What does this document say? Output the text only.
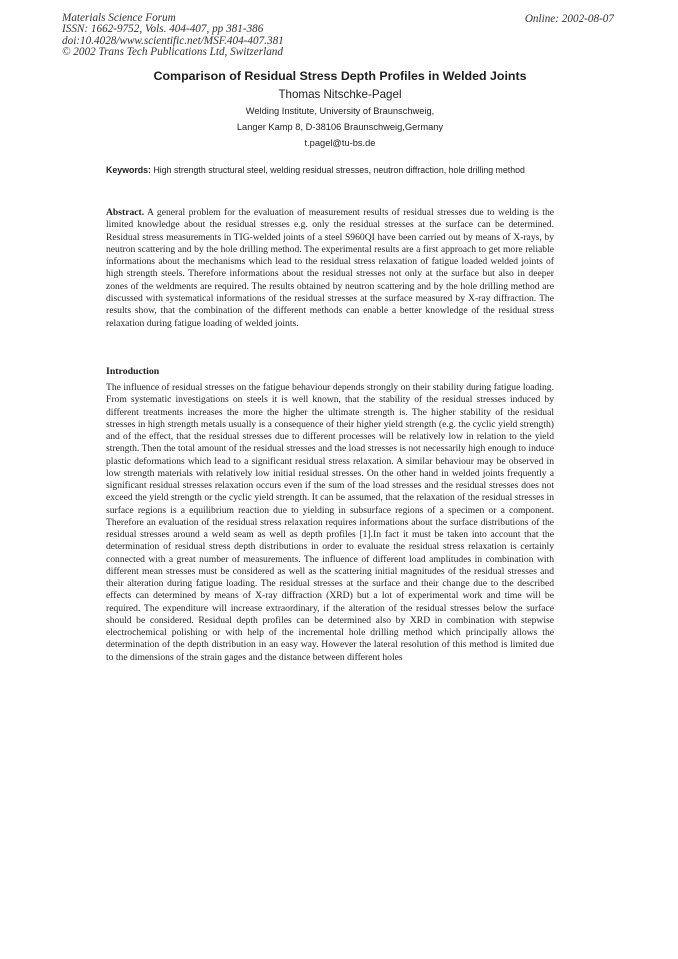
Materials Science Forum
ISSN: 1662-9752, Vols. 404-407, pp 381-386
doi:10.4028/www.scientific.net/MSF.404-407.381
© 2002 Trans Tech Publications Ltd, Switzerland
Online: 2002-08-07
Comparison of Residual Stress Depth Profiles in Welded Joints
Thomas Nitschke-Pagel
Welding Institute, University of Braunschweig,
Langer Kamp 8, D-38106 Braunschweig,Germany
t.pagel@tu-bs.de
Keywords: High strength structural steel, welding residual stresses, neutron diffraction, hole drilling method
Abstract. A general problem for the evaluation of measurement results of residual stresses due to welding is the limited knowledge about the residual stresses e.g. only the residual stresses at the surface can be determined. Residual stress measurements in TIG-welded joints of a steel S960QI have been carried out by means of X-rays, by neutron scattering and by the hole drilling method. The experimental results are a first approach to get more reliable informations about the mechanisms which lead to the residual stress relaxation of fatigue loaded welded joints of high strength steels. Therefore informations about the residual stresses not only at the surface but also in deeper zones of the weldments are required. The results obtained by neutron scattering and by the hole drilling method are discussed with systematical informations of the residual stresses at the surface measured by X-ray diffraction. The results show, that the combination of the different methods can enable a better knowledge of the residual stress relaxation during fatigue loading of welded joints.
Introduction
The influence of residual stresses on the fatigue behaviour depends strongly on their stability during fatigue loading. From systematic investigations on steels it is well known, that the stability of the residual stresses induced by different treatments increases the more the higher the ultimate strength is. The higher stability of the residual stresses in high strength metals usually is a consequence of their higher yield strength (e.g. the cyclic yield strength) and of the effect, that the residual stresses due to different processes will be relatively low in relation to the yield strength. Then the total amount of the residual stresses and the load stresses is not necessarily high enough to induce plastic deformations which lead to a significant residual stress relaxation. A similar behaviour may be observed in low strength materials with relatively low initial residual stresses. On the other hand in welded joints frequently a significant residual stresses relaxation occurs even if the sum of the load stresses and the residual stresses does not exceed the yield strength or the cyclic yield strength. It can be assumed, that the relaxation of the residual stresses in surface regions is a equilibrium reaction due to yielding in subsurface regions of a specimen or a component. Therefore an evaluation of the residual stress relaxation requires informations about the surface distributions of the residual stresses around a weld seam as well as depth profiles [1].In fact it must be taken into account that the determination of residual stress depth distributions in order to evaluate the residual stress relaxation is certainly connected with a great number of measurements. The influence of different load amplitudes in combination with different mean stresses must be considered as well as the scattering initial magnitudes of the residual stresses and their alteration during fatigue loading. The residual stresses at the surface and their change due to the described effects can determined by means of X-ray diffraction (XRD) but a lot of experimental work and time will be required. The expenditure will increase extraordinary, if the alteration of the residual stresses below the surface should be considered. Residual depth profiles can be determined also by XRD in combination with stepwise electrochemical polishing or with help of the incremental hole drilling method which principally allows the determination of the depth distribution in an easy way. However the lateral resolution of this method is limited due to the dimensions of the strain gages and the distance between different holes
